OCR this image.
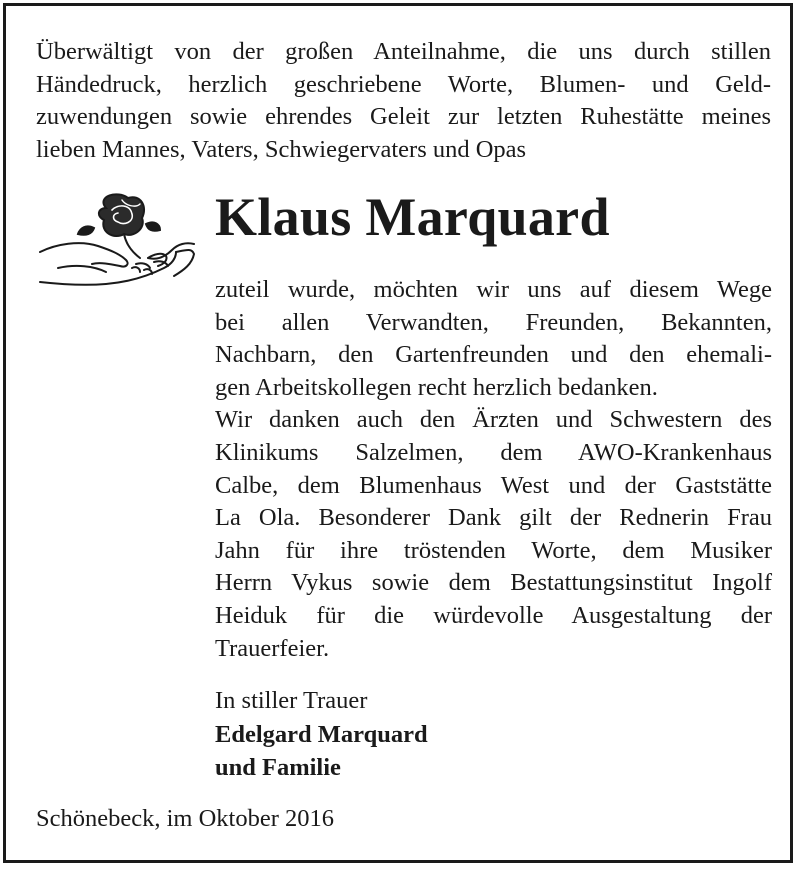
Überwältigt von der großen Anteilnahme, die uns durch stillen
Händedruck, herzlich geschriebene Worte, Blumen- und Geld-
zuwendungen sowie ehrendes Geleit zur letzten Ruhestätte meines
lieben Mannes, Vaters, Schwiegervaters und Opas
Klaus Marquard
zuteil wurde, möchten wir uns auf diesem Wege
bei allen Verwandten, Freunden, Bekannten,
Nachbarn, den Gartenfreunden und den ehemali-
gen Arbeitskollegen recht herzlich bedanken.
Wir danken auch den Ärzten und Schwestern des
Klinikums Salzelmen, dem AWO-Krankenhaus
Calbe, dem Blumenhaus West und der Gaststätte
La Ola. Besonderer Dank gilt der Rednerin Frau
Jahn für ihre tröstenden Worte, dem Musiker
Herrn Vykus sowie dem Bestattungsinstitut Ingolf
Heiduk für die würdevolle Ausgestaltung der
Trauerfeier.

In stiller Trauer
Edelgard Marquard
und Familie

Schönebeck, im Oktober 2016
